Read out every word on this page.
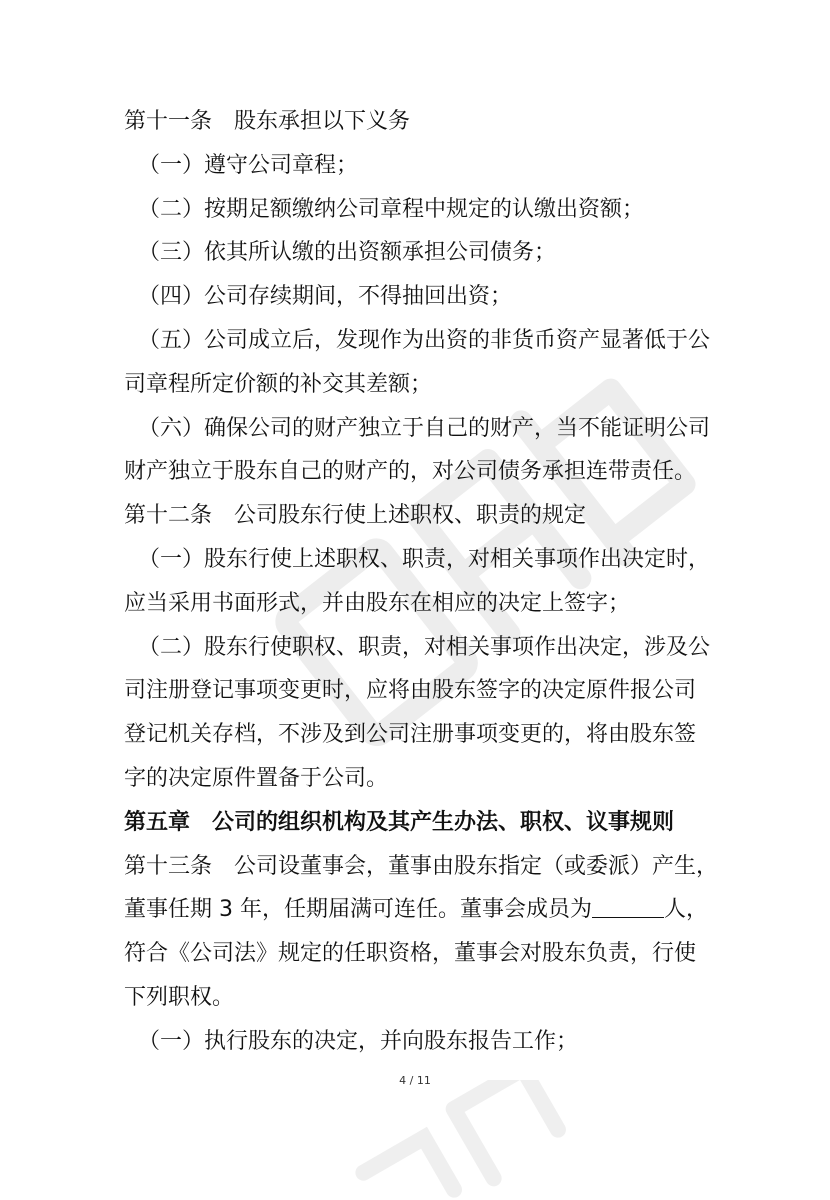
第十一条 股东承担以下义务
（一）遵守公司章程；
（二）按期足额缴纳公司章程中规定的认缴出资额；
（三）依其所认缴的出资额承担公司债务；
（四）公司存续期间，不得抽回出资；
（五）公司成立后，发现作为出资的非货币资产显著低于公
司章程所定价额的补交其差额；
（六）确保公司的财产独立于自己的财产，当不能证明公司
财产独立于股东自己的财产的，对公司债务承担连带责任。
第十二条 公司股东行使上述职权、职责的规定
（一）股东行使上述职权、职责，对相关事项作出决定时，
应当采用书面形式，并由股东在相应的决定上签字；
（二）股东行使职权、职责，对相关事项作出决定，涉及公
司注册登记事项变更时，应将由股东签字的决定原件报公司
登记机关存档，不涉及到公司注册事项变更的，将由股东签
字的决定原件置备于公司。
第五章 公司的组织机构及其产生办法、职权、议事规则
第十三条 公司设董事会，董事由股东指定（或委派）产生，
董事任期 3 年，任期届满可连任。董事会成员为	人，
符合《公司法》规定的任职资格，董事会对股东负责，行使
下列职权。
（一）执行股东的决定，并向股东报告工作；
4 / 11
